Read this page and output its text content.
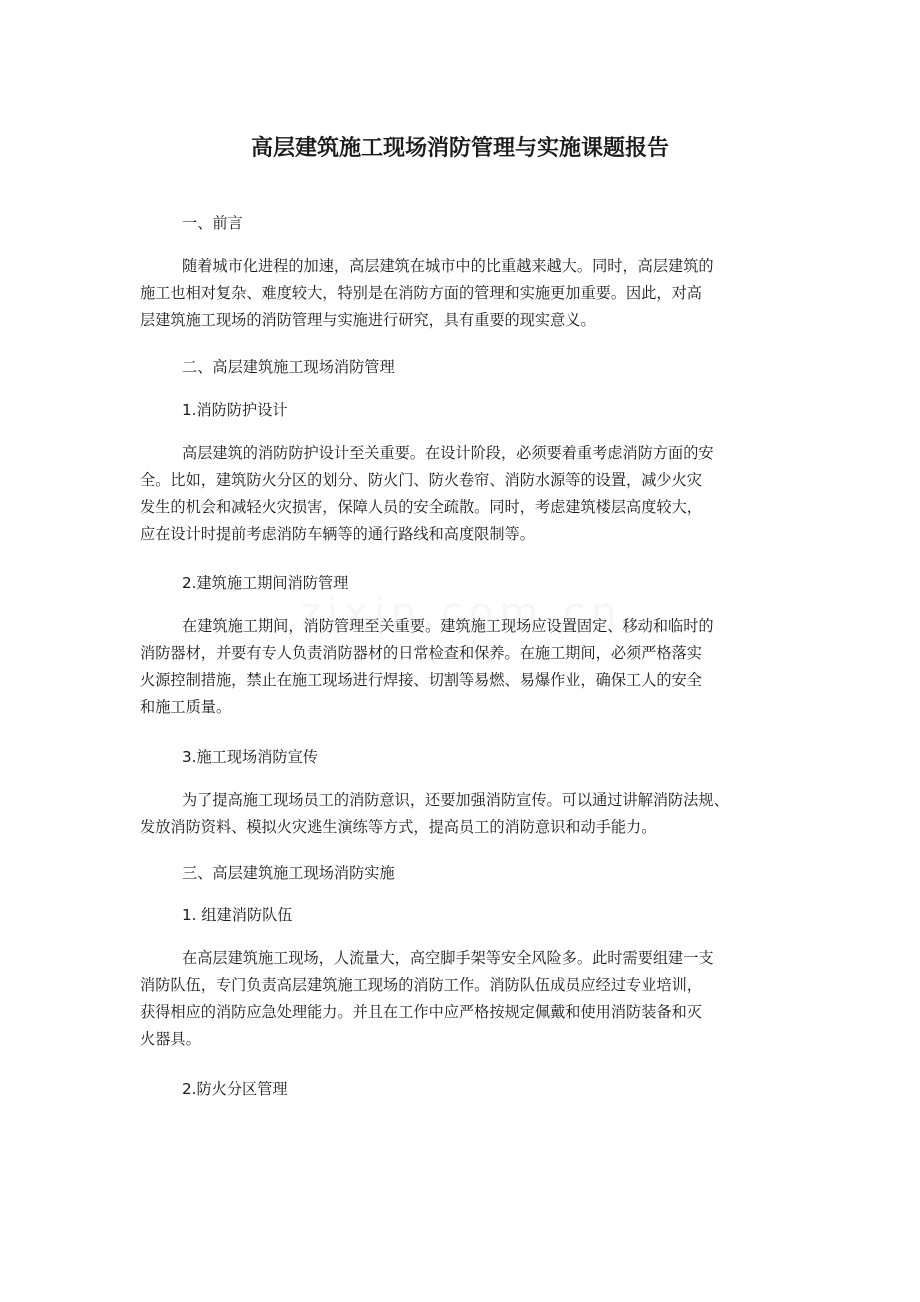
高层建筑施工现场消防管理与实施课题报告
一、前言
随着城市化进程的加速，高层建筑在城市中的比重越来越大。同时，高层建筑的
施工也相对复杂、难度较大，特别是在消防方面的管理和实施更加重要。因此，对高
层建筑施工现场的消防管理与实施进行研究，具有重要的现实意义。
二、高层建筑施工现场消防管理
1.消防防护设计
高层建筑的消防防护设计至关重要。在设计阶段，必须要着重考虑消防方面的安
全。比如，建筑防火分区的划分、防火门、防火卷帘、消防水源等的设置，减少火灾
发生的机会和减轻火灾损害，保障人员的安全疏散。同时，考虑建筑楼层高度较大，
应在设计时提前考虑消防车辆等的通行路线和高度限制等。
2.建筑施工期间消防管理
在建筑施工期间，消防管理至关重要。建筑施工现场应设置固定、移动和临时的
消防器材，并要有专人负责消防器材的日常检查和保养。在施工期间，必须严格落实
火源控制措施，禁止在施工现场进行焊接、切割等易燃、易爆作业，确保工人的安全
和施工质量。
3.施工现场消防宣传
为了提高施工现场员工的消防意识，还要加强消防宣传。可以通过讲解消防法规、
发放消防资料、模拟火灾逃生演练等方式，提高员工的消防意识和动手能力。
三、高层建筑施工现场消防实施
1. 组建消防队伍
在高层建筑施工现场，人流量大，高空脚手架等安全风险多。此时需要组建一支
消防队伍，专门负责高层建筑施工现场的消防工作。消防队伍成员应经过专业培训，
获得相应的消防应急处理能力。并且在工作中应严格按规定佩戴和使用消防装备和灭
火器具。
2.防火分区管理
